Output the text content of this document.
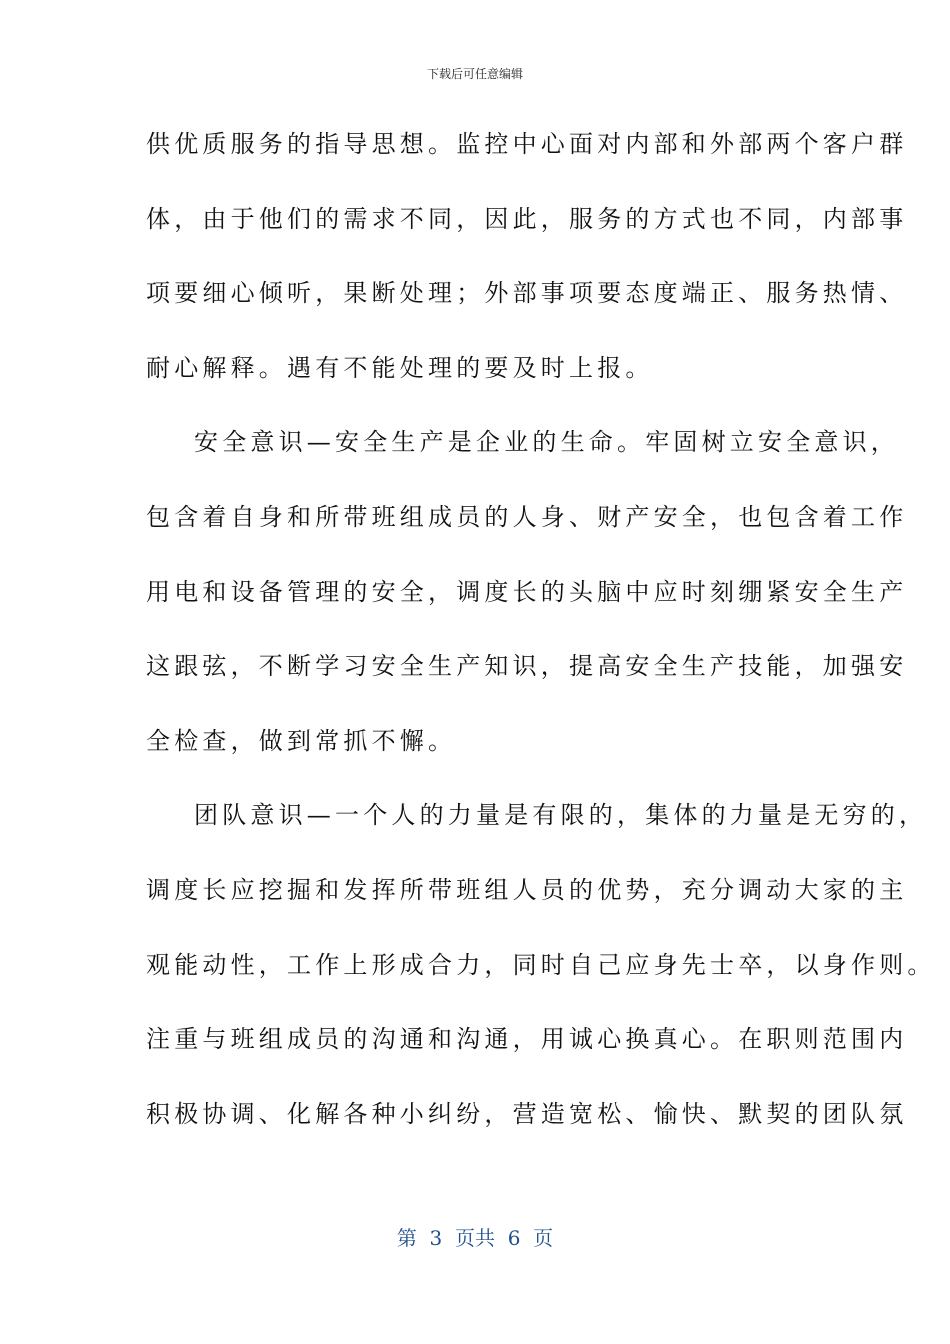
下载后可任意编辑
供优质服务的指导思想。监控中心面对内部和外部两个客户群
体，由于他们的需求不同，因此，服务的方式也不同，内部事
项要细心倾听，果断处理；外部事项要态度端正、服务热情、
耐心解释。遇有不能处理的要及时上报。
安全意识—安全生产是企业的生命。牢固树立安全意识，
包含着自身和所带班组成员的人身、财产安全，也包含着工作
用电和设备管理的安全，调度长的头脑中应时刻绷紧安全生产
这跟弦，不断学习安全生产知识，提高安全生产技能，加强安
全检查，做到常抓不懈。
团队意识—一个人的力量是有限的，集体的力量是无穷的，
调度长应挖掘和发挥所带班组人员的优势，充分调动大家的主
观能动性，工作上形成合力，同时自己应身先士卒，以身作则。
注重与班组成员的沟通和沟通，用诚心换真心。在职则范围内
积极协调、化解各种小纠纷，营造宽松、愉快、默契的团队氛
第  3  页共  6  页
